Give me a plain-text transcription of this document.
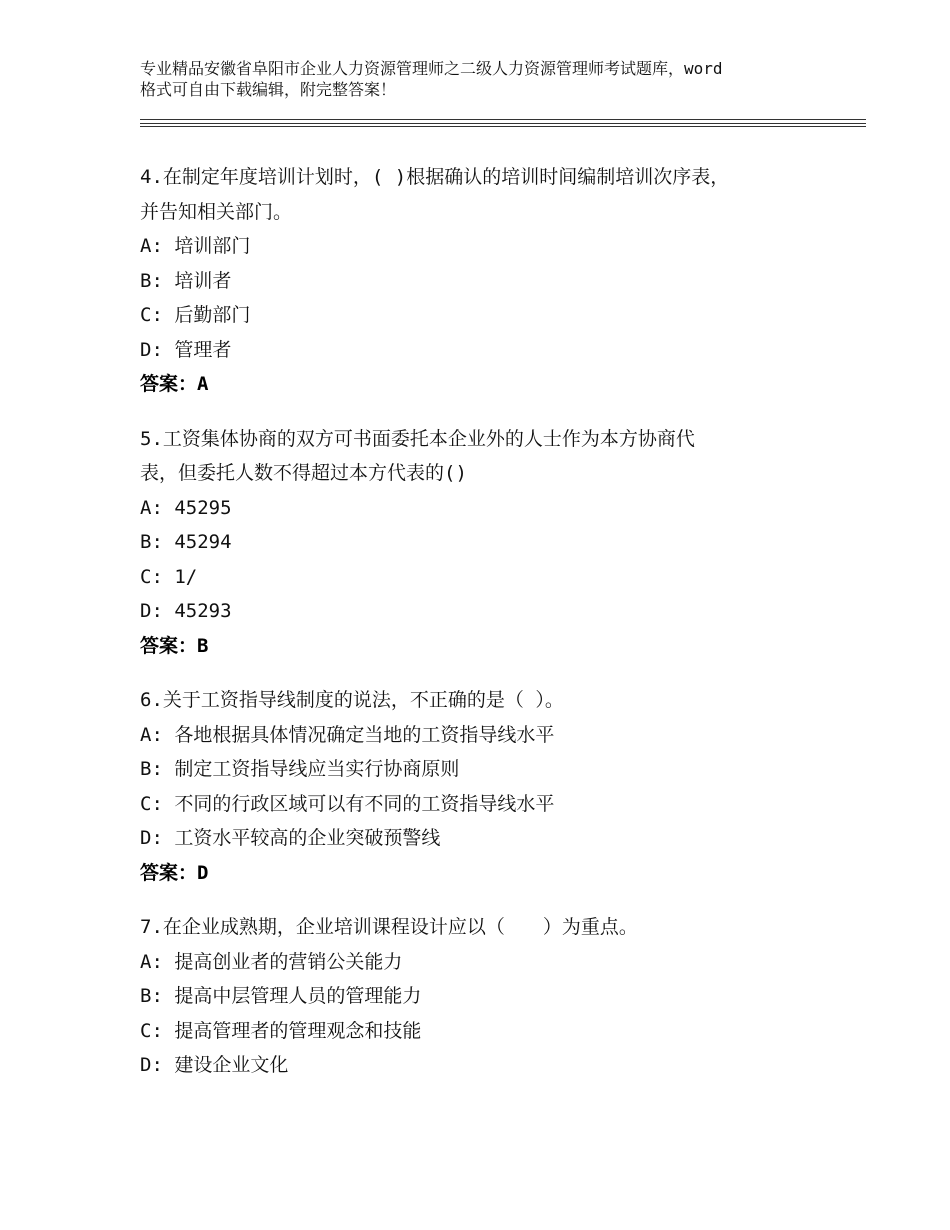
专业精品安徽省阜阳市企业人力资源管理师之二级人力资源管理师考试题库，word
格式可自由下载编辑，附完整答案！
4.在制定年度培训计划时，( )根据确认的培训时间编制培训次序表，
并告知相关部门。
A: 培训部门
B: 培训者
C: 后勤部门
D: 管理者
答案：A
5.工资集体协商的双方可书面委托本企业外的人士作为本方协商代
表，但委托人数不得超过本方代表的()
A: 45295
B: 45294
C: 1/
D: 45293
答案：B
6.关于工资指导线制度的说法，不正确的是（ ）。
A: 各地根据具体情况确定当地的工资指导线水平
B: 制定工资指导线应当实行协商原则
C: 不同的行政区域可以有不同的工资指导线水平
D: 工资水平较高的企业突破预警线
答案：D
7.在企业成熟期，企业培训课程设计应以（　　）为重点。
A: 提高创业者的营销公关能力
B: 提高中层管理人员的管理能力
C: 提高管理者的管理观念和技能
D: 建设企业文化
